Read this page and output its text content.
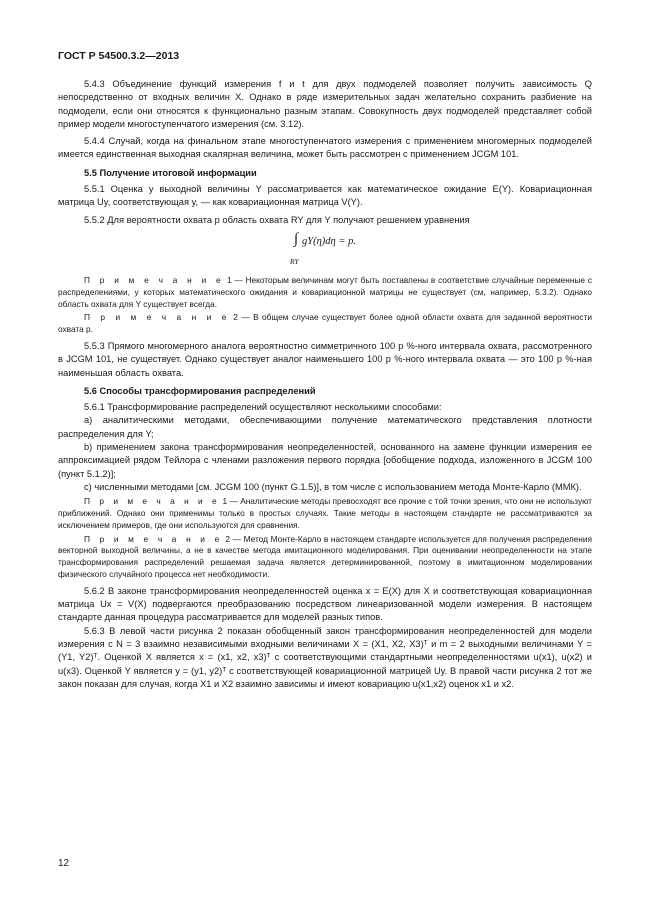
ГОСТ Р 54500.3.2—2013

5.4.3 Объединение функций измерения f и t для двух подмоделей позволяет получить зависимость Q непосредственно от входных величин X. Однако в ряде измерительных задач желательно сохранить разбиение на подмодели, если они относятся к функционально разным этапам. Совокупность двух подмоделей представляет собой пример модели многоступенчатого измерения (см. 3.12).

5.4.4 Случай, когда на финальном этапе многоступенчатого измерения с применением многомерных подмоделей имеется единственная выходная скалярная величина, может быть рассмотрен с применением JCGM 101.

5.5 Получение итоговой информации

5.5.1 Оценка y выходной величины Y рассматривается как математическое ожидание E(Y). Ковариационная матрица Uy, соответствующая y, — как ковариационная матрица V(Y).

5.5.2 Для вероятности охвата p область охвата RY для Y получают решением уравнения

∫ gY(η)dη = p.
RY

П р и м е ч а н и е 1 — Некоторым величинам могут быть поставлены в соответствие случайные переменные с распределениями, у которых математического ожидания и ковариационной матрицы не существует (см, например, 5.3.2). Однако область охвата для Y существует всегда.

П р и м е ч а н и е 2 — В общем случае существует более одной области охвата для заданной вероятности охвата p.

5.5.3 Прямого многомерного аналога вероятностно симметричного 100 p %-ного интервала охвата, рассмотренного в JCGM 101, не существует. Однако существует аналог наименьшего 100 p %-ного интервала охвата — это 100 p %-ная наименьшая область охвата.

5.6 Способы трансформирования распределений

5.6.1 Трансформирование распределений осуществляют несколькими способами:

a) аналитическими методами, обеспечивающими получение математического представления плотности распределения для Y;

b) применением закона трансформирования неопределенностей, основанного на замене функции измерения ее аппроксимацией рядом Тейлора с членами разложения первого порядка [обобщение подхода, изложенного в JCGM 100 (пункт 5.1.2)];

c) численными методами [см. JCGM 100 (пункт G.1.5)], в том числе с использованием метода Монте-Карло (ММК).

П р и м е ч а н и е 1 — Аналитические методы превосходят все прочие с той точки зрения, что они не используют приближений. Однако они применимы только в простых случаях. Такие методы в настоящем стандарте не рассматриваются за исключением примеров, где они используются для сравнения.

П р и м е ч а н и е 2 — Метод Монте-Карло в настоящем стандарте используется для получения распределения векторной выходной величины, а не в качестве метода имитационного моделирования. При оценивании неопределенности на этапе трансформирования распределений решаемая задача является детерминированной, поэтому в имитационном моделировании физического случайного процесса нет необходимости.

5.6.2 В законе трансформирования неопределенностей оценка x = E(X) для X и соответствующая ковариационная матрица Ux = V(X) подвергаются преобразованию посредством линеаризованной модели измерения. В настоящем стандарте данная процедура рассматривается для моделей разных типов.

5.6.3 В левой части рисунка 2 показан обобщенный закон трансформирования неопределенностей для модели измерения с N = 3 взаимно независимыми входными величинами X = (X1, X2, X3)ᵀ и m = 2 выходными величинами Y = (Y1, Y2)ᵀ. Оценкой X является x = (x1, x2, x3)ᵀ с соответствующими стандартными неопределенностями u(x1), u(x2) и u(x3). Оценкой Y является y = (y1, y2)ᵀ с соответствующей ковариационной матрицей Uy. В правой части рисунка 2 тот же закон показан для случая, когда X1 и X2 взаимно зависимы и имеют ковариацию u(x1,x2) оценок x1 и x2.

12
